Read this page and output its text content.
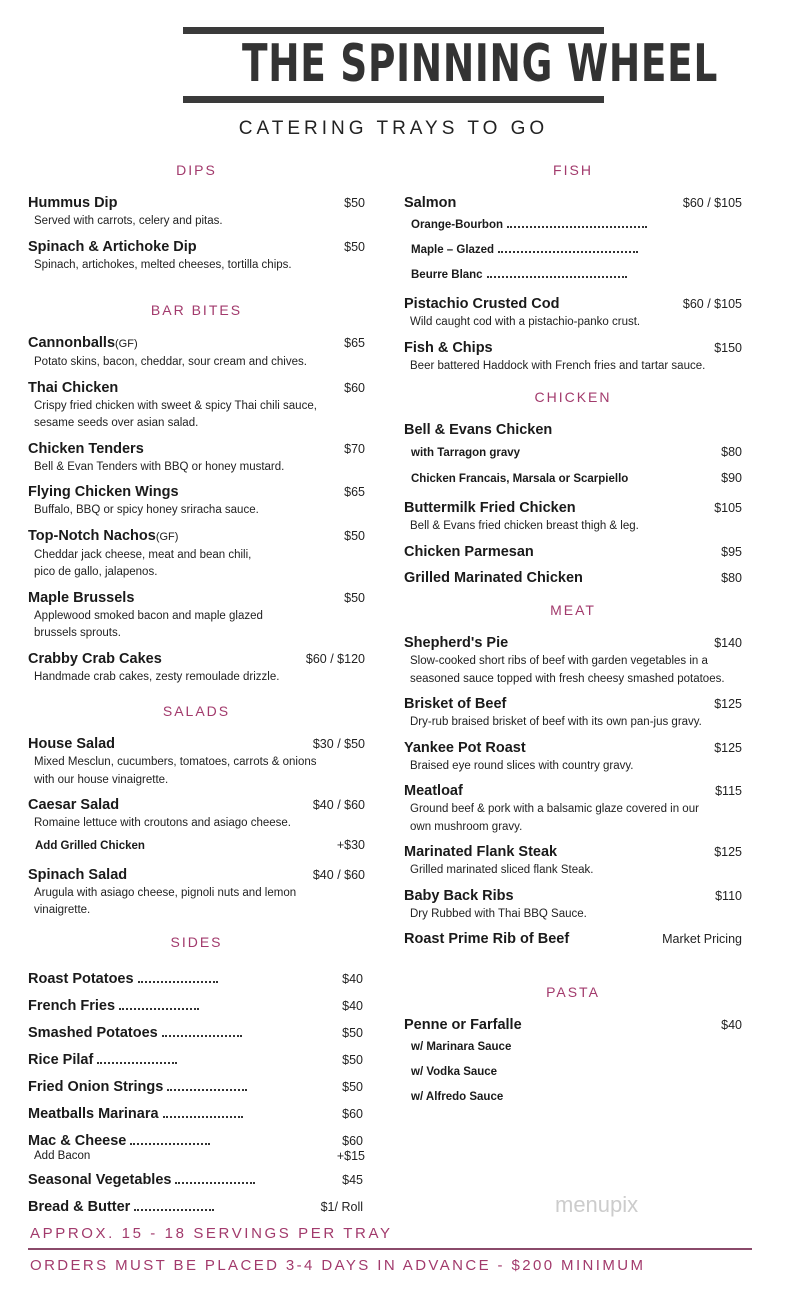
THE SPINNING WHEEL
CATERING TRAYS TO GO
DIPS
Hummus Dip	$50
Served with carrots, celery and pitas.
Spinach & Artichoke Dip	$50
Spinach, artichokes, melted cheeses, tortilla chips.
BAR BITES
Cannonballs(GF)	$65
Potato skins, bacon, cheddar, sour cream and chives.
Thai Chicken	$60
Crispy fried chicken with sweet & spicy Thai chili sauce,
sesame seeds over asian salad.
Chicken Tenders	$70
Bell & Evan Tenders with BBQ or honey mustard.
Flying Chicken Wings	$65
Buffalo, BBQ or spicy honey sriracha sauce.
Top-Notch Nachos(GF)	$50
Cheddar jack cheese, meat and bean chili,
pico de gallo, jalapenos.
Maple Brussels	$50
Applewood smoked bacon and maple glazed
brussels sprouts.
Crabby Crab Cakes	$60 / $120
Handmade crab cakes, zesty remoulade drizzle.
SALADS
House Salad	$30 / $50
Mixed Mesclun, cucumbers, tomatoes, carrots & onions
with our house vinaigrette.
Caesar Salad	$40 / $60
Romaine lettuce with croutons and asiago cheese.
Add Grilled Chicken	+$30
Spinach Salad	$40 / $60
Arugula with asiago cheese, pignoli nuts and lemon
vinaigrette.
SIDES
Roast Potatoes	$40
French Fries	$40
Smashed Potatoes	$50
Rice Pilaf	$50
Fried Onion Strings	$50
Meatballs Marinara	$60
Mac & Cheese	$60
Add Bacon	+$15
Seasonal Vegetables	$45
Bread & Butter	$1/ Roll
FISH
Salmon	$60 / $105
Orange-Bourbon
Maple – Glazed
Beurre Blanc
Pistachio Crusted Cod	$60 / $105
Wild caught cod with a pistachio-panko crust.
Fish & Chips	$150
Beer battered Haddock with French fries and tartar sauce.
CHICKEN
Bell & Evans Chicken
with Tarragon gravy	$80
Chicken Francais, Marsala or Scarpiello	$90
Buttermilk Fried Chicken	$105
Bell & Evans fried chicken breast thigh & leg.
Chicken Parmesan	$95
Grilled Marinated Chicken	$80
MEAT
Shepherd's Pie	$140
Slow-cooked short ribs of beef with garden vegetables in a
seasoned sauce topped with fresh cheesy smashed potatoes.
Brisket of Beef	$125
Dry-rub braised brisket of beef with its own pan-jus gravy.
Yankee Pot Roast	$125
Braised eye round slices with country gravy.
Meatloaf	$115
Ground beef & pork with a balsamic glaze covered in our
own mushroom gravy.
Marinated Flank Steak	$125
Grilled marinated sliced flank Steak.
Baby Back Ribs	$110
Dry Rubbed with Thai BBQ Sauce.
Roast Prime Rib of Beef	Market Pricing
PASTA
Penne or Farfalle	$40
w/ Marinara Sauce
w/ Vodka Sauce
w/ Alfredo Sauce
menupix
APPROX. 15 - 18 SERVINGS PER TRAY
ORDERS MUST BE PLACED 3-4 DAYS IN ADVANCE - $200 MINIMUM
